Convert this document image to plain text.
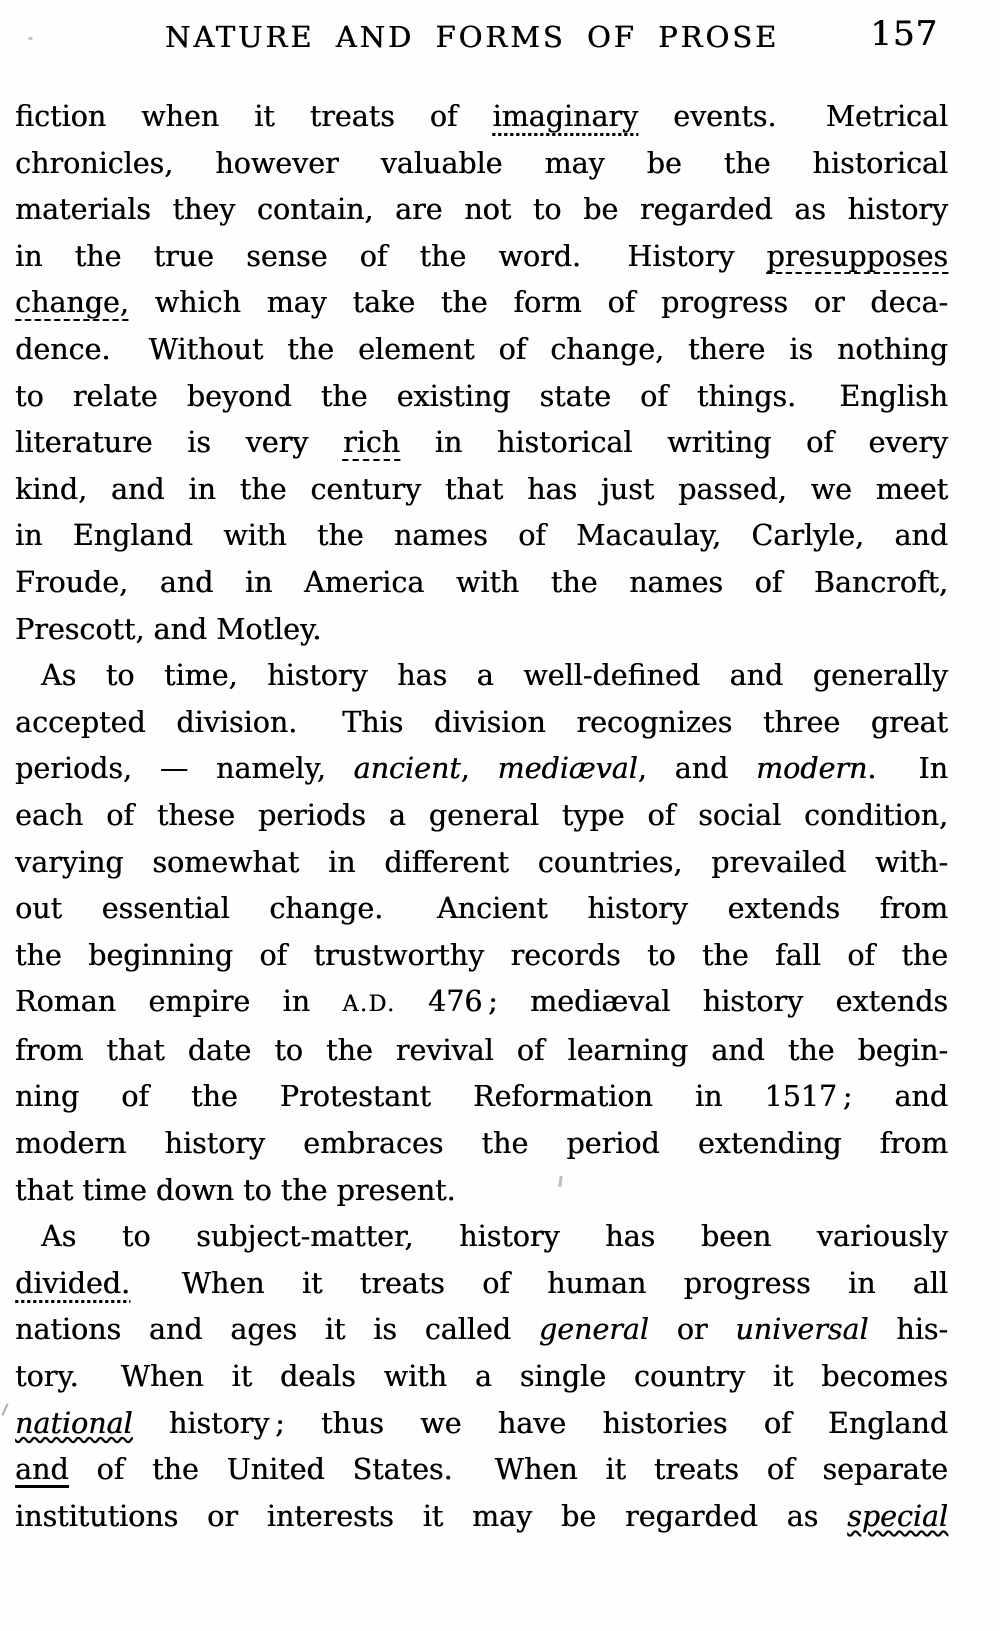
NATURE AND FORMS OF PROSE	157
fiction when it treats of imaginary events.  Metrical
chronicles, however valuable may be the historical
materials they contain, are not to be regarded as history
in the true sense of the word.  History presupposes
change, which may take the form of progress or deca-
dence.  Without the element of change, there is nothing
to relate beyond the existing state of things.  English
literature is very rich in historical writing of every
kind, and in the century that has just passed, we meet
in England with the names of Macaulay, Carlyle, and
Froude, and in America with the names of Bancroft,
Prescott, and Motley.
As to time, history has a well-defined and generally
accepted division.  This division recognizes three great
periods, — namely, ancient, mediæval, and modern.  In
each of these periods a general type of social condition,
varying somewhat in different countries, prevailed with-
out essential change.  Ancient history extends from
the beginning of trustworthy records to the fall of the
Roman empire in A.D. 476 ; mediæval history extends
from that date to the revival of learning and the begin-
ning of the Protestant Reformation in 1517 ; and
modern history embraces the period extending from
that time down to the present.
As to subject-matter, history has been variously
divided.  When it treats of human progress in all
nations and ages it is called general or universal his-
tory.  When it deals with a single country it becomes
national history ; thus we have histories of England
and of the United States.  When it treats of separate
institutions or interests it may be regarded as special
